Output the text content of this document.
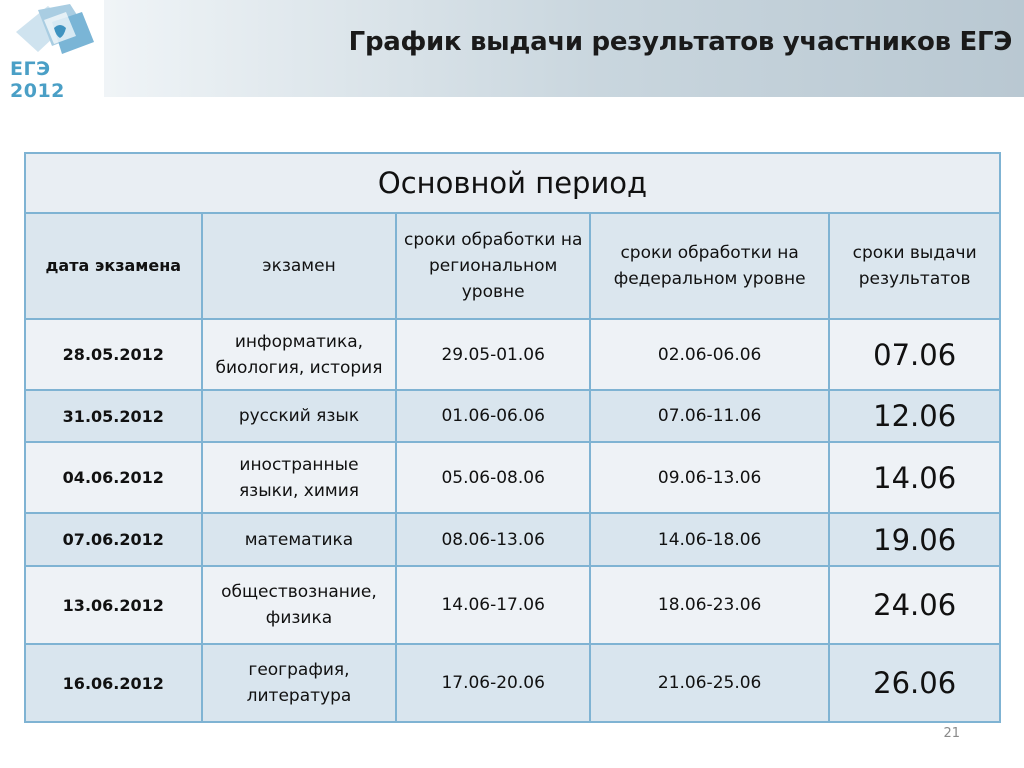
ЕГЭ 2012
График выдачи результатов участников ЕГЭ
Основной период				
дата экзамена	экзамен	сроки обработки на региональном уровне	сроки обработки на федеральном уровне	сроки выдачи результатов
28.05.2012	информатика, биология, история	29.05-01.06	02.06-06.06	07.06
31.05.2012	русский язык	01.06-06.06	07.06-11.06	12.06
04.06.2012	иностранные языки, химия	05.06-08.06	09.06-13.06	14.06
07.06.2012	математика	08.06-13.06	14.06-18.06	19.06
13.06.2012	обществознание, физика	14.06-17.06	18.06-23.06	24.06
16.06.2012	география, литература	17.06-20.06	21.06-25.06	26.06
21
